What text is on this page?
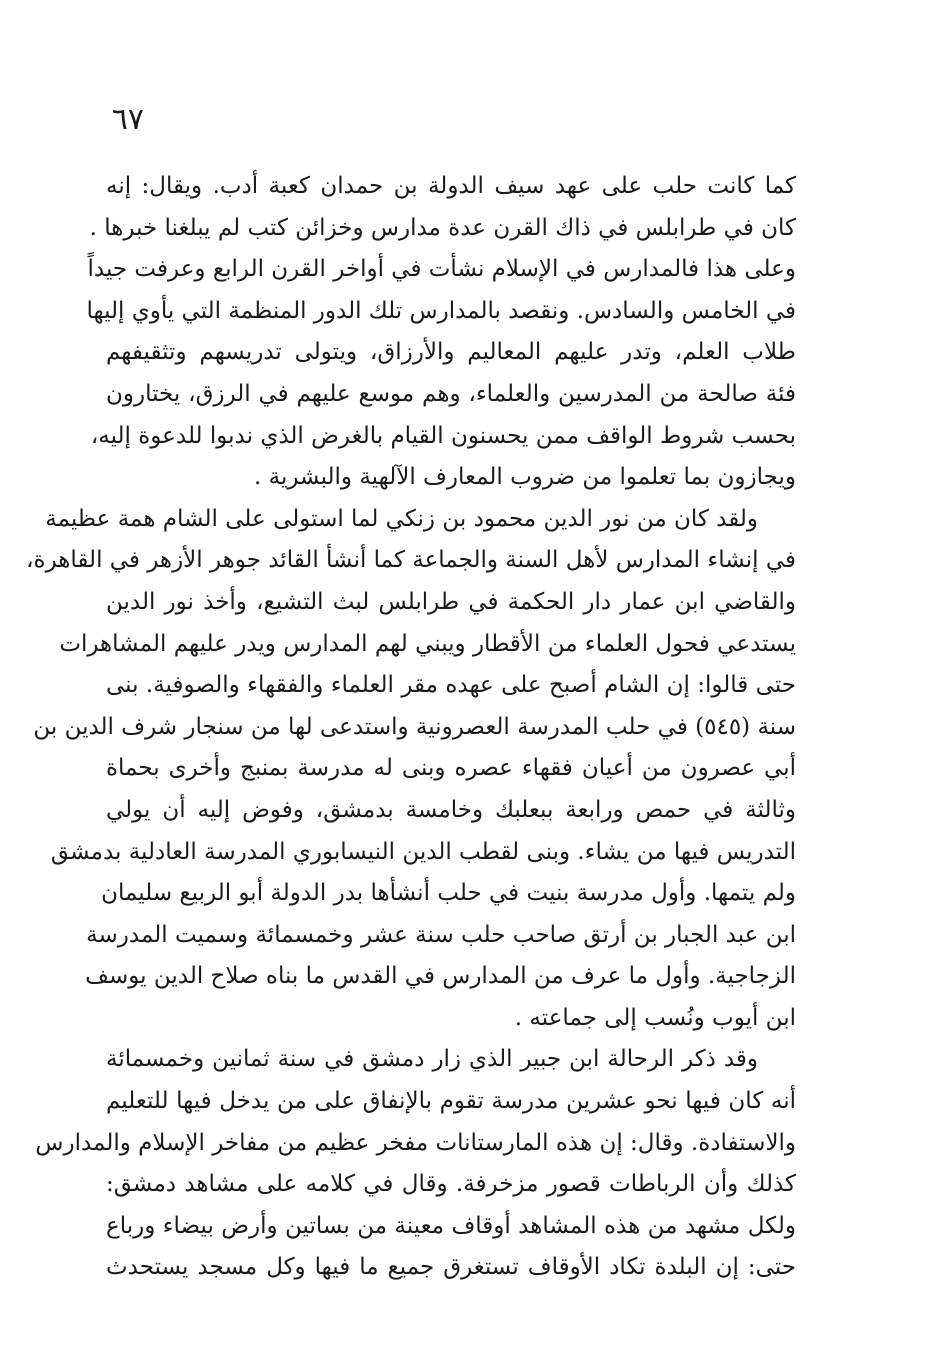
٦٧
كما كانت حلب على عهد سيف الدولة بن حمدان كعبة أدب. ويقال: إنه
كان في طرابلس في ذاك القرن عدة مدارس وخزائن كتب لم يبلغنا خبرها .
وعلى هذا فالمدارس في الإسلام نشأت في أواخر القرن الرابع وعرفت جيداً
في الخامس والسادس. ونقصد بالمدارس تلك الدور المنظمة التي يأوي إليها
طلاب العلم، وتدر عليهم المعاليم والأرزاق، ويتولى تدريسهم وتثقيفهم
فئة صالحة من المدرسين والعلماء، وهم موسع عليهم في الرزق، يختارون
بحسب شروط الواقف ممن يحسنون القيام بالغرض الذي ندبوا للدعوة إليه،
ويجازون بما تعلموا من ضروب المعارف الآلهية والبشرية .
ولقد كان من نور الدين محمود بن زنكي لما استولى على الشام همة عظيمة
في إنشاء المدارس لأهل السنة والجماعة كما أنشأ القائد جوهر الأزهر في القاهرة،
والقاضي ابن عمار دار الحكمة في طرابلس لبث التشيع، وأخذ نور الدين
يستدعي فحول العلماء من الأقطار ويبني لهم المدارس ويدر عليهم المشاهرات
حتى قالوا: إن الشام أصبح على عهده مقر العلماء والفقهاء والصوفية. بنى
سنة (٥٤٥) في حلب المدرسة العصرونية واستدعى لها من سنجار شرف الدين بن
أبي عصرون من أعيان فقهاء عصره وبنى له مدرسة بمنبج وأخرى بحماة
وثالثة في حمص ورابعة ببعلبك وخامسة بدمشق، وفوض إليه أن يولي
التدريس فيها من يشاء. وبنى لقطب الدين النيسابوري المدرسة العادلية بدمشق
ولم يتمها. وأول مدرسة بنيت في حلب أنشأها بدر الدولة أبو الربيع سليمان
ابن عبد الجبار بن أرتق صاحب حلب سنة عشر وخمسمائة وسميت المدرسة
الزجاجية. وأول ما عرف من المدارس في القدس ما بناه صلاح الدين يوسف
ابن أيوب ونُسب إلى جماعته .
وقد ذكر الرحالة ابن جبير الذي زار دمشق في سنة ثمانين وخمسمائة
أنه كان فيها نحو عشرين مدرسة تقوم بالإنفاق على من يدخل فيها للتعليم
والاستفادة. وقال: إن هذه المارستانات مفخر عظيم من مفاخر الإسلام والمدارس
كذلك وأن الرباطات قصور مزخرفة. وقال في كلامه على مشاهد دمشق:
ولكل مشهد من هذه المشاهد أوقاف معينة من بساتين وأرض بيضاء ورباع
حتى: إن البلدة تكاد الأوقاف تستغرق جميع ما فيها وكل مسجد يستحدث
